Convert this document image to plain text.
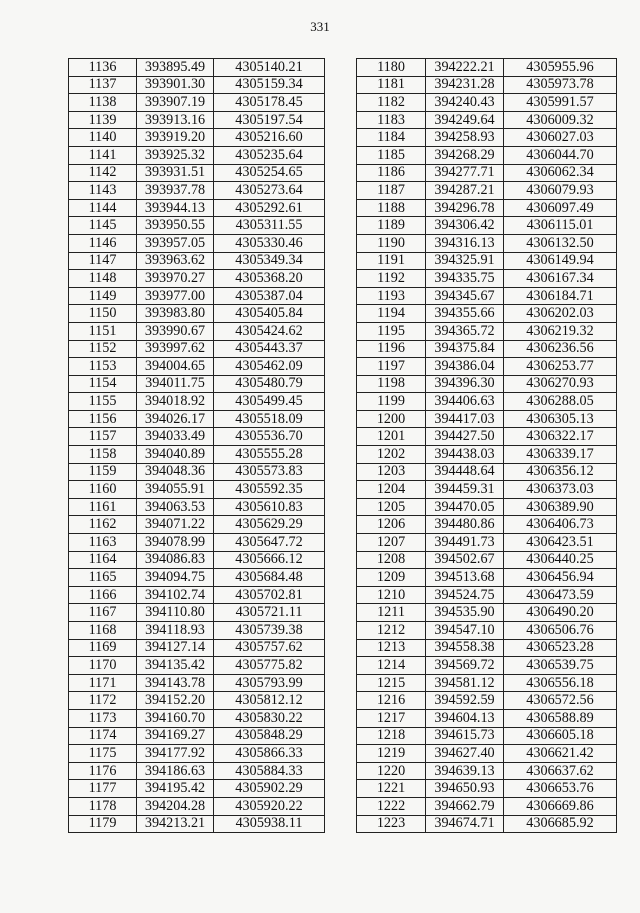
331
1136	393895.49	4305140.21
1137	393901.30	4305159.34
1138	393907.19	4305178.45
1139	393913.16	4305197.54
1140	393919.20	4305216.60
1141	393925.32	4305235.64
1142	393931.51	4305254.65
1143	393937.78	4305273.64
1144	393944.13	4305292.61
1145	393950.55	4305311.55
1146	393957.05	4305330.46
1147	393963.62	4305349.34
1148	393970.27	4305368.20
1149	393977.00	4305387.04
1150	393983.80	4305405.84
1151	393990.67	4305424.62
1152	393997.62	4305443.37
1153	394004.65	4305462.09
1154	394011.75	4305480.79
1155	394018.92	4305499.45
1156	394026.17	4305518.09
1157	394033.49	4305536.70
1158	394040.89	4305555.28
1159	394048.36	4305573.83
1160	394055.91	4305592.35
1161	394063.53	4305610.83
1162	394071.22	4305629.29
1163	394078.99	4305647.72
1164	394086.83	4305666.12
1165	394094.75	4305684.48
1166	394102.74	4305702.81
1167	394110.80	4305721.11
1168	394118.93	4305739.38
1169	394127.14	4305757.62
1170	394135.42	4305775.82
1171	394143.78	4305793.99
1172	394152.20	4305812.12
1173	394160.70	4305830.22
1174	394169.27	4305848.29
1175	394177.92	4305866.33
1176	394186.63	4305884.33
1177	394195.42	4305902.29
1178	394204.28	4305920.22
1179	394213.21	4305938.11
1180	394222.21	4305955.96
1181	394231.28	4305973.78
1182	394240.43	4305991.57
1183	394249.64	4306009.32
1184	394258.93	4306027.03
1185	394268.29	4306044.70
1186	394277.71	4306062.34
1187	394287.21	4306079.93
1188	394296.78	4306097.49
1189	394306.42	4306115.01
1190	394316.13	4306132.50
1191	394325.91	4306149.94
1192	394335.75	4306167.34
1193	394345.67	4306184.71
1194	394355.66	4306202.03
1195	394365.72	4306219.32
1196	394375.84	4306236.56
1197	394386.04	4306253.77
1198	394396.30	4306270.93
1199	394406.63	4306288.05
1200	394417.03	4306305.13
1201	394427.50	4306322.17
1202	394438.03	4306339.17
1203	394448.64	4306356.12
1204	394459.31	4306373.03
1205	394470.05	4306389.90
1206	394480.86	4306406.73
1207	394491.73	4306423.51
1208	394502.67	4306440.25
1209	394513.68	4306456.94
1210	394524.75	4306473.59
1211	394535.90	4306490.20
1212	394547.10	4306506.76
1213	394558.38	4306523.28
1214	394569.72	4306539.75
1215	394581.12	4306556.18
1216	394592.59	4306572.56
1217	394604.13	4306588.89
1218	394615.73	4306605.18
1219	394627.40	4306621.42
1220	394639.13	4306637.62
1221	394650.93	4306653.76
1222	394662.79	4306669.86
1223	394674.71	4306685.92
